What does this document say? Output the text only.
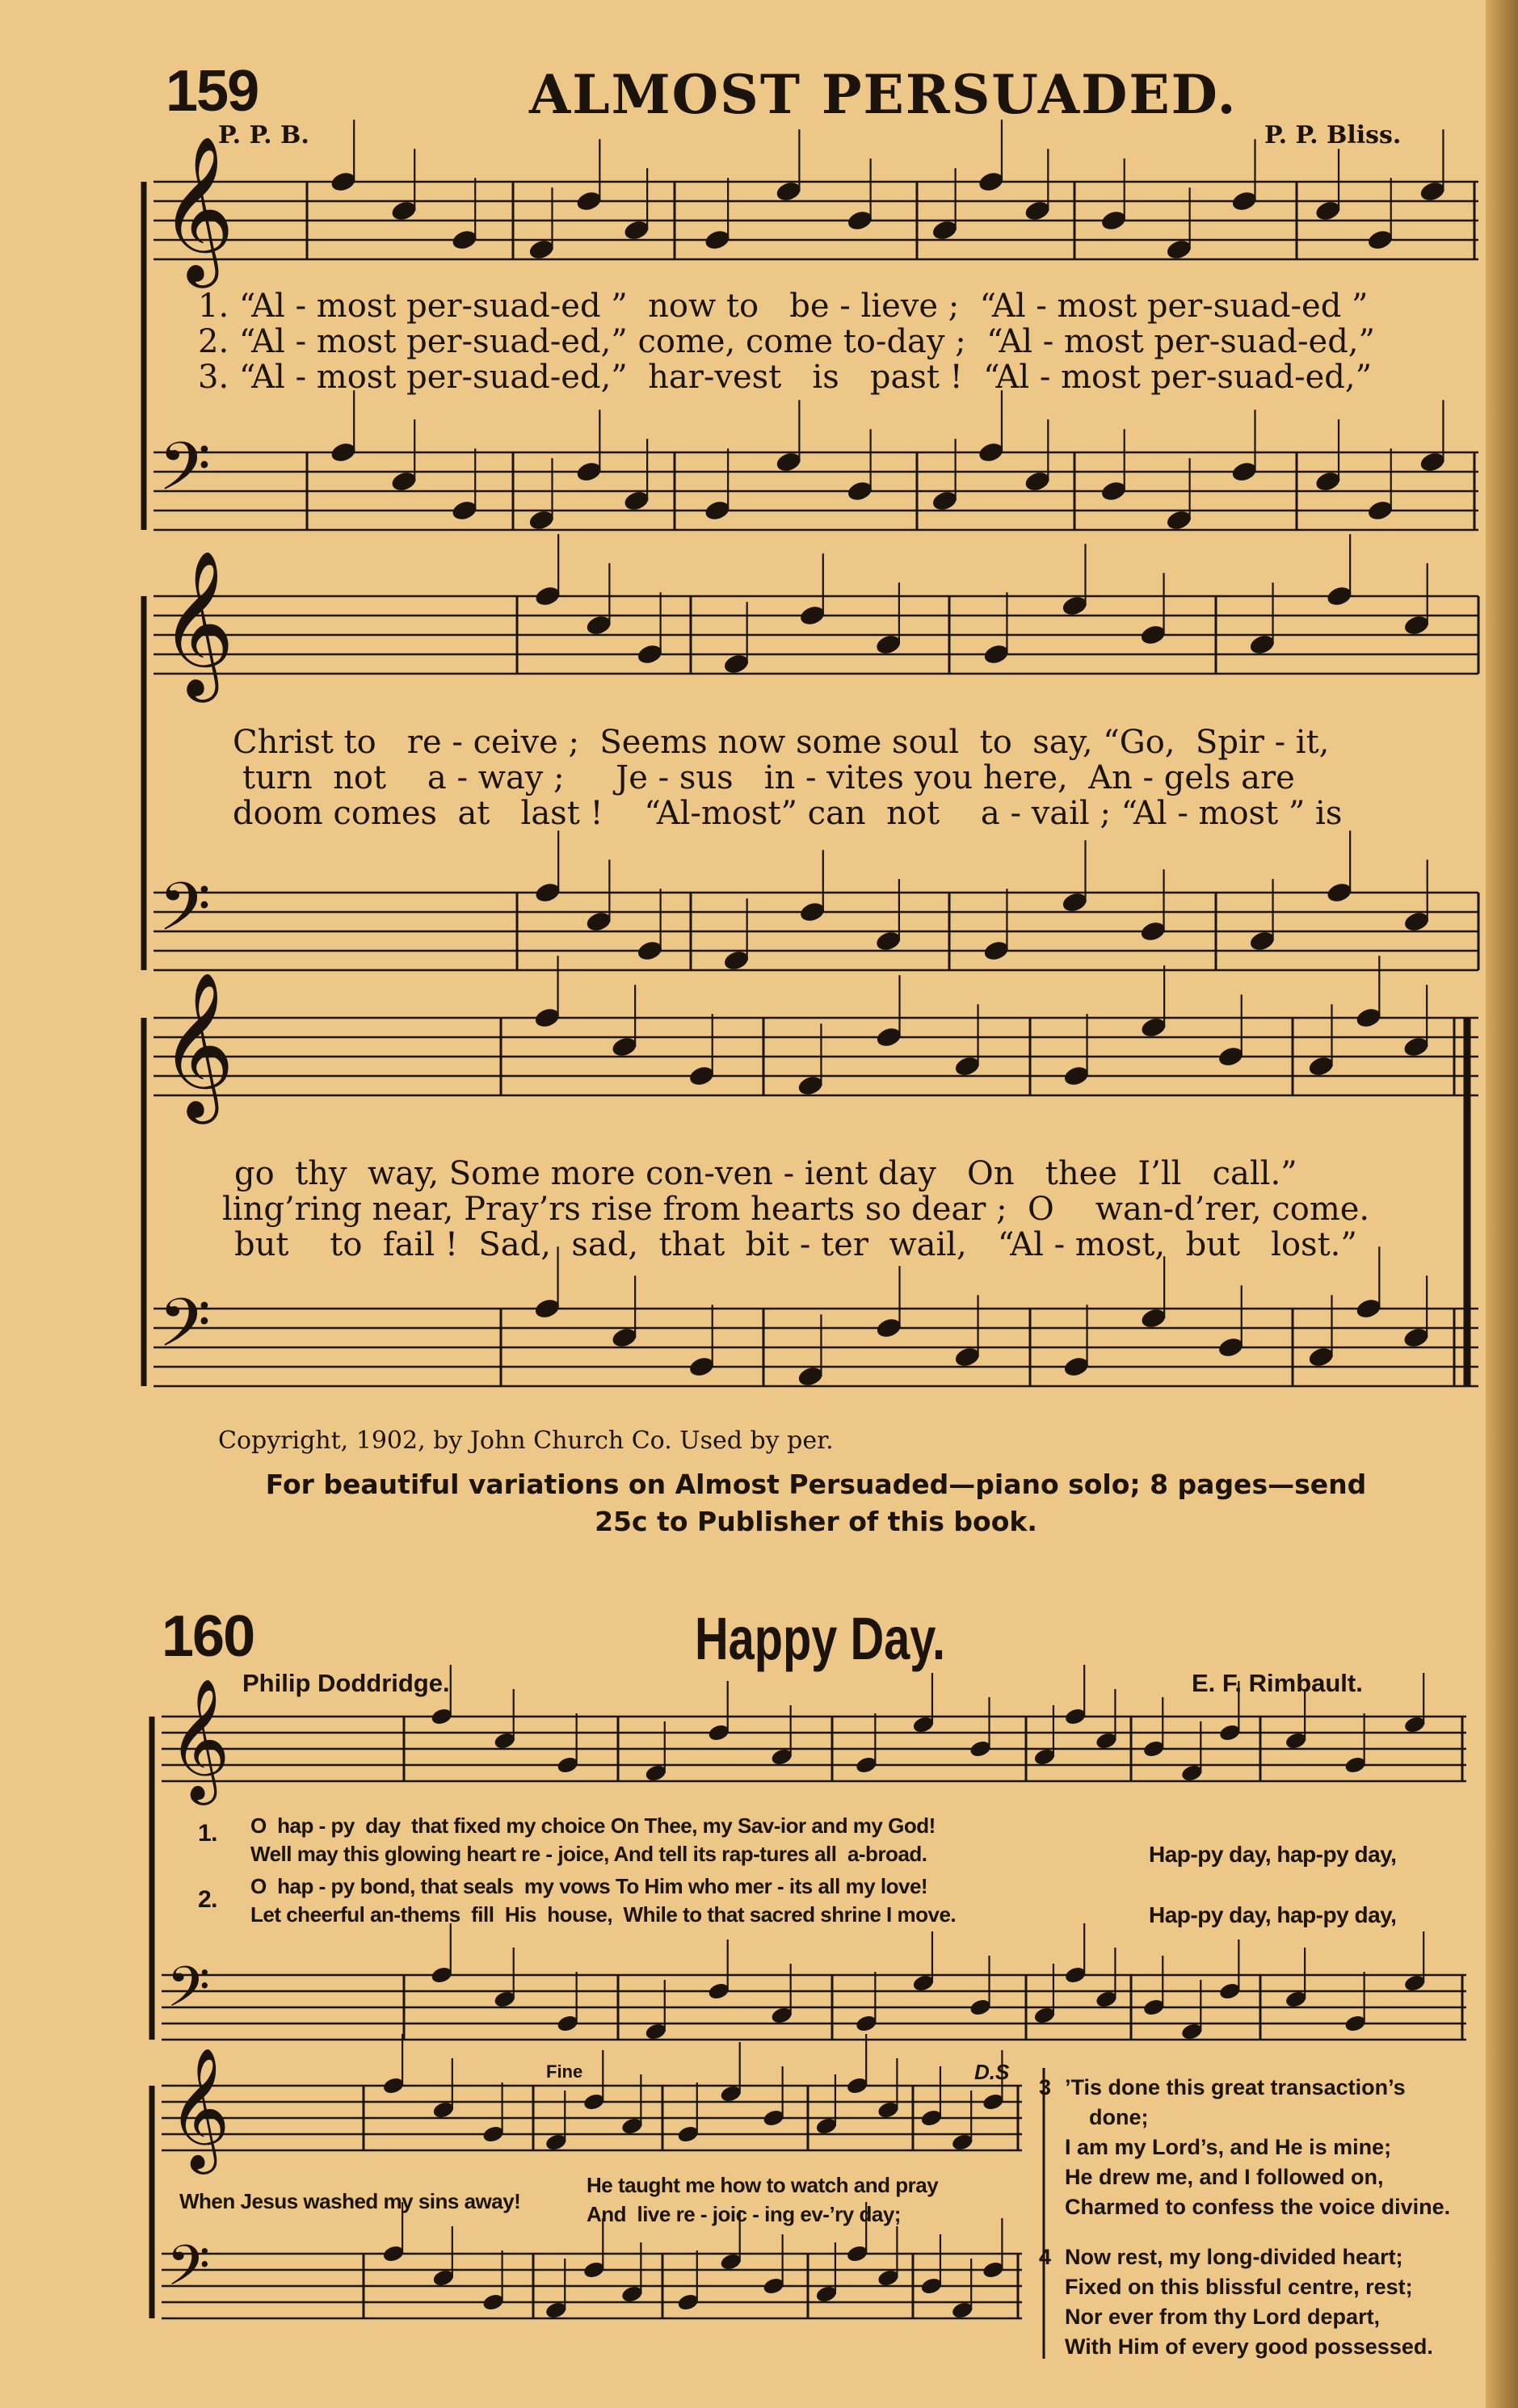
𝄞
𝄢
𝄞
𝄢
𝄞
𝄢
𝄞
𝄢
𝄞
𝄢
159	ALMOST PERSUADED.
P. P. B.	P. P. Bliss.
1. “Al - most per-suad-ed ”  now to   be - lieve ;  “Al - most per-suad-ed ”
2. “Al - most per-suad-ed,” come, come to-day ;  “Al - most per-suad-ed,”
3. “Al - most per-suad-ed,”  har-vest   is   past !  “Al - most per-suad-ed,”
Christ to   re - ceive ;  Seems now some soul  to  say, “Go,  Spir - it,
turn  not    a - way ;     Je - sus   in - vites you here,  An - gels are
doom comes  at   last !    “Al-most” can  not    a - vail ; “Al - most ” is
go  thy  way, Some more con-ven - ient day   On   thee  I’ll   call.”
ling’ring near, Pray’rs rise from hearts so dear ;  O    wan-d’rer, come.
but    to  fail !  Sad,  sad,  that  bit - ter  wail,   “Al - most,  but   lost.”
Copyright, 1902, by John Church Co. Used by per.
For beautiful variations on Almost Persuaded—piano solo; 8 pages—send
25c to Publisher of this book.
160	Happy Day.
Philip Doddridge.	E. F. Rimbault.
1.
2.
O  hap - py  day  that fixed my choice On Thee, my Sav-ior and my God!
Well may this glowing heart re - joice, And tell its rap-tures all  a-broad.
O  hap - py bond, that seals  my vows To Him who mer - its all my love!
Let cheerful an-thems  fill  His  house,  While to that sacred shrine I move.
Hap-py day, hap-py day,
Hap-py day, hap-py day,
Fine	D.S
When Jesus washed my sins away!
He taught me how to watch and pray
And  live re - joic - ing ev-’ry day;
3 ’Tis done this great transaction’s
done;
I am my Lord’s, and He is mine;
He drew me, and I followed on,
Charmed to confess the voice divine.
4 Now rest, my long-divided heart;
Fixed on this blissful centre, rest;
Nor ever from thy Lord depart,
With Him of every good possessed.
